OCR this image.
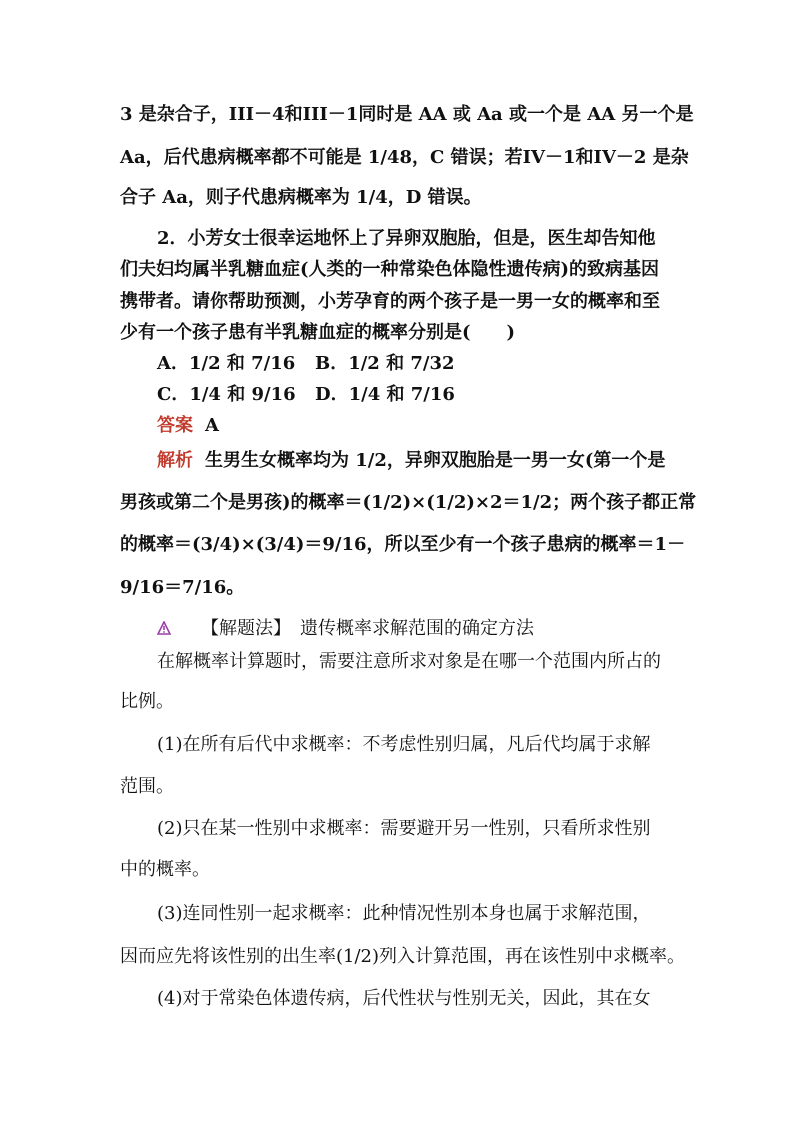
3 是杂合子，III－4和III－1同时是 AA 或 Aa 或一个是 AA 另一个是
Aa，后代患病概率都不可能是 1/48，C 错误；若IV－1和IV－2 是杂
合子 Aa，则子代患病概率为 1/4，D 错误。
2．小芳女士很幸运地怀上了异卵双胞胎，但是，医生却告知他
们夫妇均属半乳糖血症(人类的一种常染色体隐性遗传病)的致病基因
携带者。请你帮助预测，小芳孕育的两个孩子是一男一女的概率和至
少有一个孩子患有半乳糖血症的概率分别是(　　)
A．1/2 和 7/16 B．1/2 和 7/32
C．1/4 和 9/16 D．1/4 和 7/16
答案 A
解析 生男生女概率均为 1/2，异卵双胞胎是一男一女(第一个是
男孩或第二个是男孩)的概率＝(1/2)×(1/2)×2＝1/2；两个孩子都正常
的概率＝(3/4)×(3/4)＝9/16，所以至少有一个孩子患病的概率＝1－
9/16＝7/16。
【解题法】　遗传概率求解范围的确定方法
在解概率计算题时，需要注意所求对象是在哪一个范围内所占的
比例。
(1)在所有后代中求概率：不考虑性别归属，凡后代均属于求解
范围。
(2)只在某一性别中求概率：需要避开另一性别，只看所求性别
中的概率。
(3)连同性别一起求概率：此种情况性别本身也属于求解范围，
因而应先将该性别的出生率(1/2)列入计算范围，再在该性别中求概率。
(4)对于常染色体遗传病，后代性状与性别无关，因此，其在女
